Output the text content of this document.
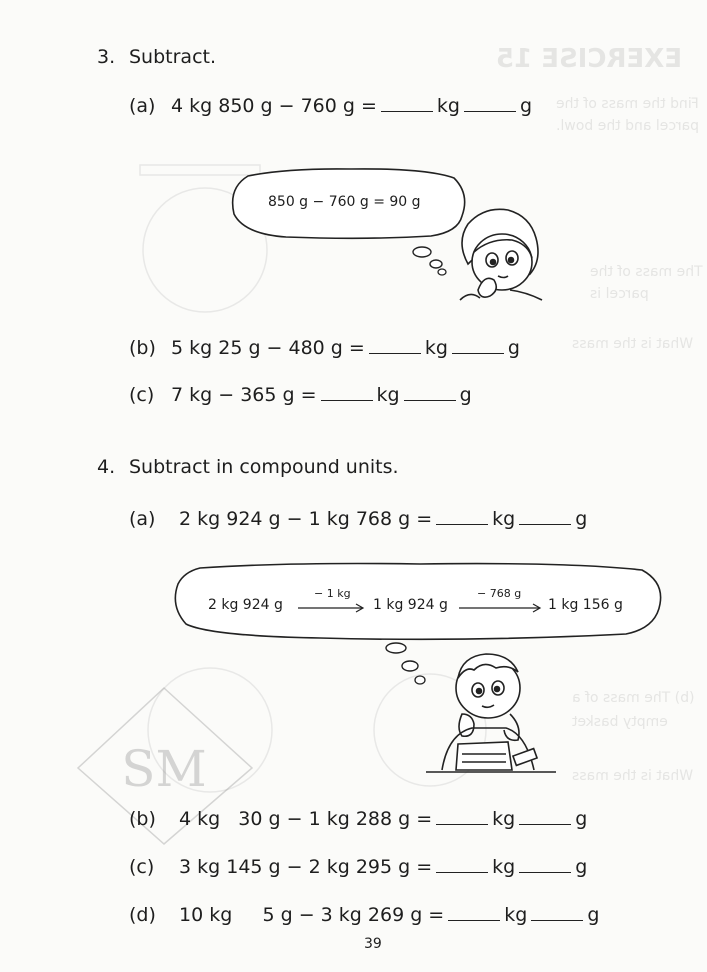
EXERCISE 15
Find the mass of the
parcel and the bowl.
The mass of the
parcel is
What is the mass
(b) The mass of a
empty basket
What is the mass
SM
3. Subtract.
(a) 4 kg 850 g − 760 g =	kg	g
850 g − 760 g = 90 g
(b) 5 kg 25 g − 480 g =	kg	g
(c) 7 kg − 365 g =	kg	g
4. Subtract in compound units.
(a) 2 kg 924 g − 1 kg 768 g =	kg	g
2 kg 924 g
− 1 kg
1 kg 924 g
− 768 g
1 kg 156 g
(b) 4 kg   30 g − 1 kg 288 g =	kg	g
(c) 3 kg 145 g − 2 kg 295 g =	kg	g
(d) 10 kg     5 g − 3 kg 269 g =	kg	g
39
